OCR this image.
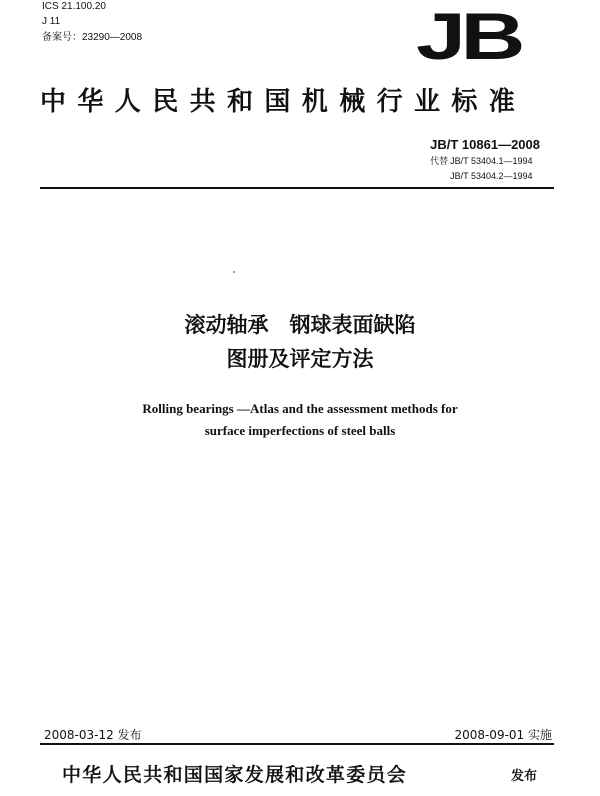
ICS 21.100.20
J 11
备案号：23290—2008	JB
中华人民共和国机械行业标准
JB/T 10861—2008
代替 JB/T 53404.1—1994
JB/T 53404.2—1994
滚动轴承　钢球表面缺陷
图册及评定方法
Rolling bearings —Atlas and the assessment methods for
surface imperfections of steel balls
2008-03-12 发布	2008-09-01 实施
中华人民共和国国家发展和改革委员会	发布
